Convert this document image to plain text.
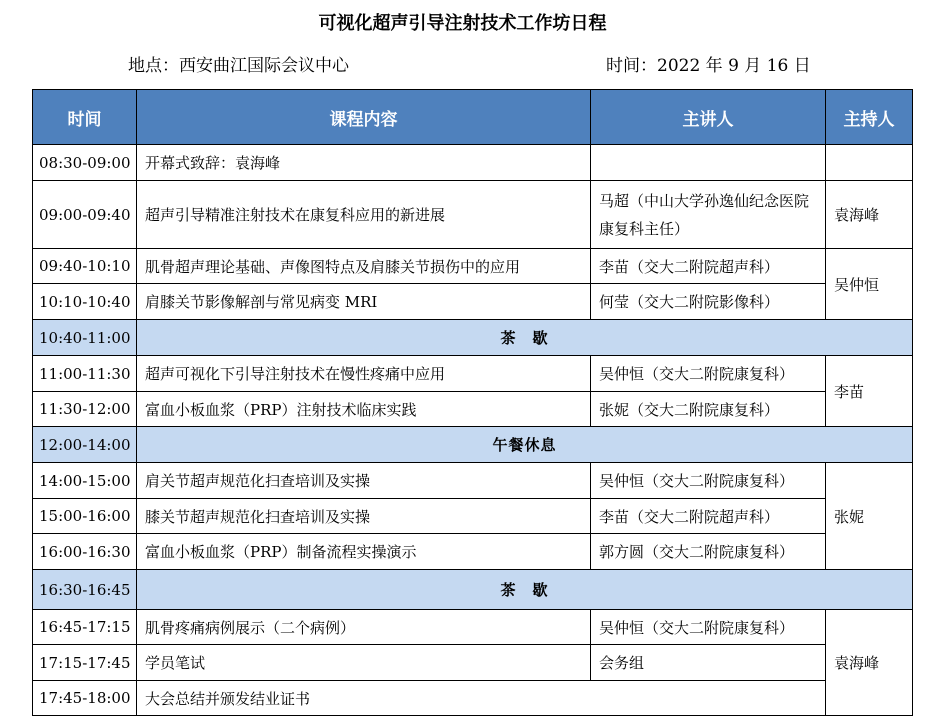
可视化超声引导注射技术工作坊日程
地点：西安曲江国际会议中心	时间：2022 年 9 月 16 日
时间	课程内容	主讲人	主持人
08:30-09:00	开幕式致辞：袁海峰		
09:00-09:40	超声引导精准注射技术在康复科应用的新进展	马超（中山大学孙逸仙纪念医院康复科主任）	袁海峰
09:40-10:10	肌骨超声理论基础、声像图特点及肩膝关节损伤中的应用	李苗（交大二附院超声科）	吴仲恒
10:10-10:40	肩膝关节影像解剖与常见病变 MRI	何莹（交大二附院影像科）	
10:40-11:00	茶　歇		
11:00-11:30	超声可视化下引导注射技术在慢性疼痛中应用	吴仲恒（交大二附院康复科）	李苗
11:30-12:00	富血小板血浆（PRP）注射技术临床实践	张妮（交大二附院康复科）	
12:00-14:00	午餐休息		
14:00-15:00	肩关节超声规范化扫查培训及实操	吴仲恒（交大二附院康复科）	张妮
15:00-16:00	膝关节超声规范化扫查培训及实操	李苗（交大二附院超声科）	
16:00-16:30	富血小板血浆（PRP）制备流程实操演示	郭方圆（交大二附院康复科）	
16:30-16:45	茶　歇		
16:45-17:15	肌骨疼痛病例展示（二个病例）	吴仲恒（交大二附院康复科）	袁海峰
17:15-17:45	学员笔试	会务组	
17:45-18:00	大会总结并颁发结业证书		
